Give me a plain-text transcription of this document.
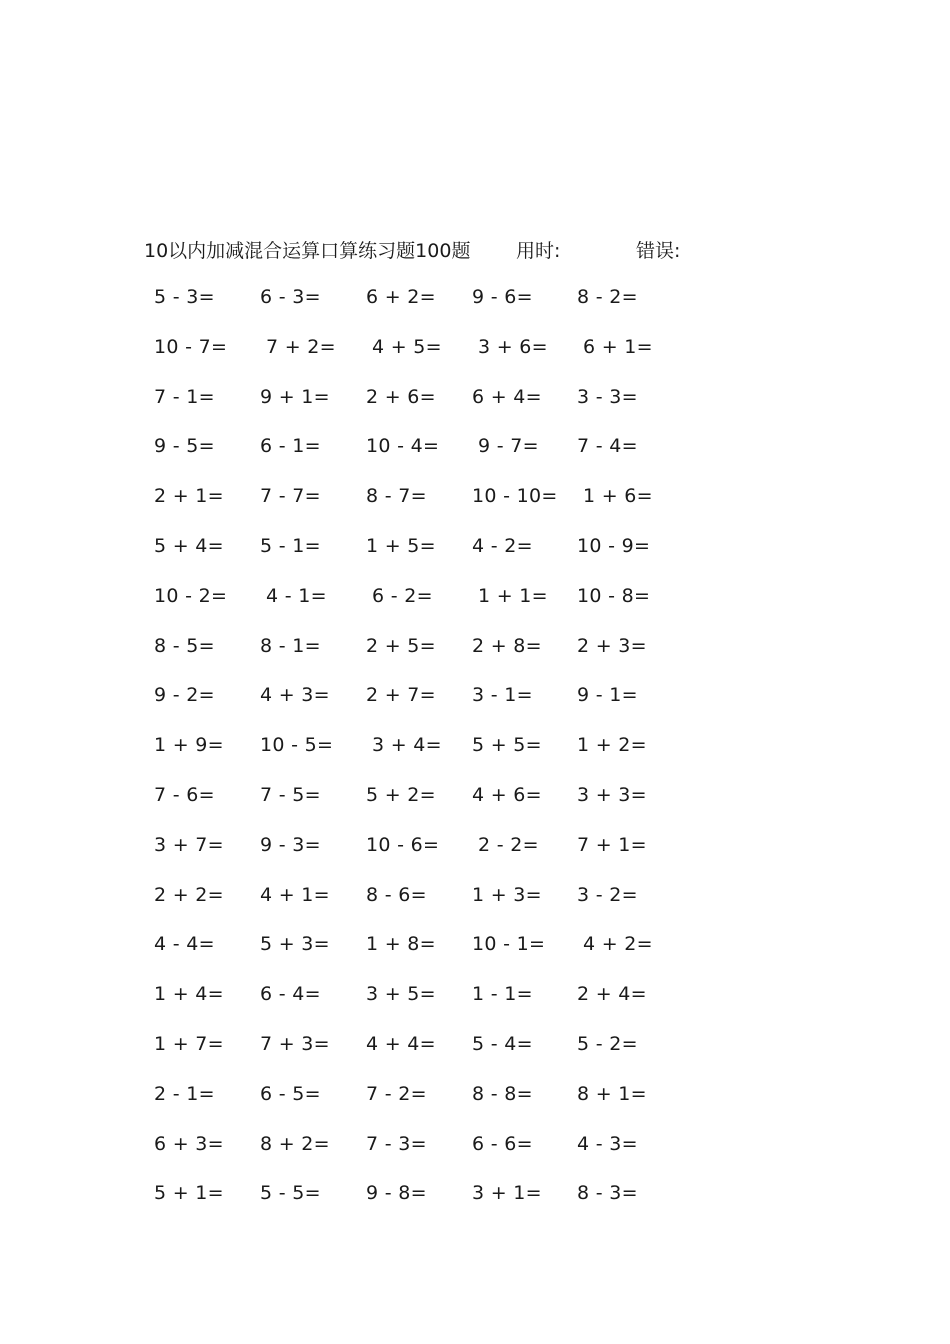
10以内加减混合运算口算练习题100题 用时:	错误:
5 - 3= 6 - 3= 6 + 2= 9 - 6= 8 - 2=
10 - 7= 7 + 2= 4 + 5= 3 + 6= 6 + 1=
7 - 1= 9 + 1= 2 + 6= 6 + 4= 3 - 3=
9 - 5= 6 - 1= 10 - 4= 9 - 7= 7 - 4=
2 + 1= 7 - 7= 8 - 7= 10 - 10= 1 + 6=
5 + 4= 5 - 1= 1 + 5= 4 - 2= 10 - 9=
10 - 2= 4 - 1= 6 - 2= 1 + 1= 10 - 8=
8 - 5= 8 - 1= 2 + 5= 2 + 8= 2 + 3=
9 - 2= 4 + 3= 2 + 7= 3 - 1= 9 - 1=
1 + 9= 10 - 5= 3 + 4= 5 + 5= 1 + 2=
7 - 6= 7 - 5= 5 + 2= 4 + 6= 3 + 3=
3 + 7= 9 - 3= 10 - 6= 2 - 2= 7 + 1=
2 + 2= 4 + 1= 8 - 6= 1 + 3= 3 - 2=
4 - 4= 5 + 3= 1 + 8= 10 - 1= 4 + 2=
1 + 4= 6 - 4= 3 + 5= 1 - 1= 2 + 4=
1 + 7= 7 + 3= 4 + 4= 5 - 4= 5 - 2=
2 - 1= 6 - 5= 7 - 2= 8 - 8= 8 + 1=
6 + 3= 8 + 2= 7 - 3= 6 - 6= 4 - 3=
5 + 1= 5 - 5= 9 - 8= 3 + 1= 8 - 3=
